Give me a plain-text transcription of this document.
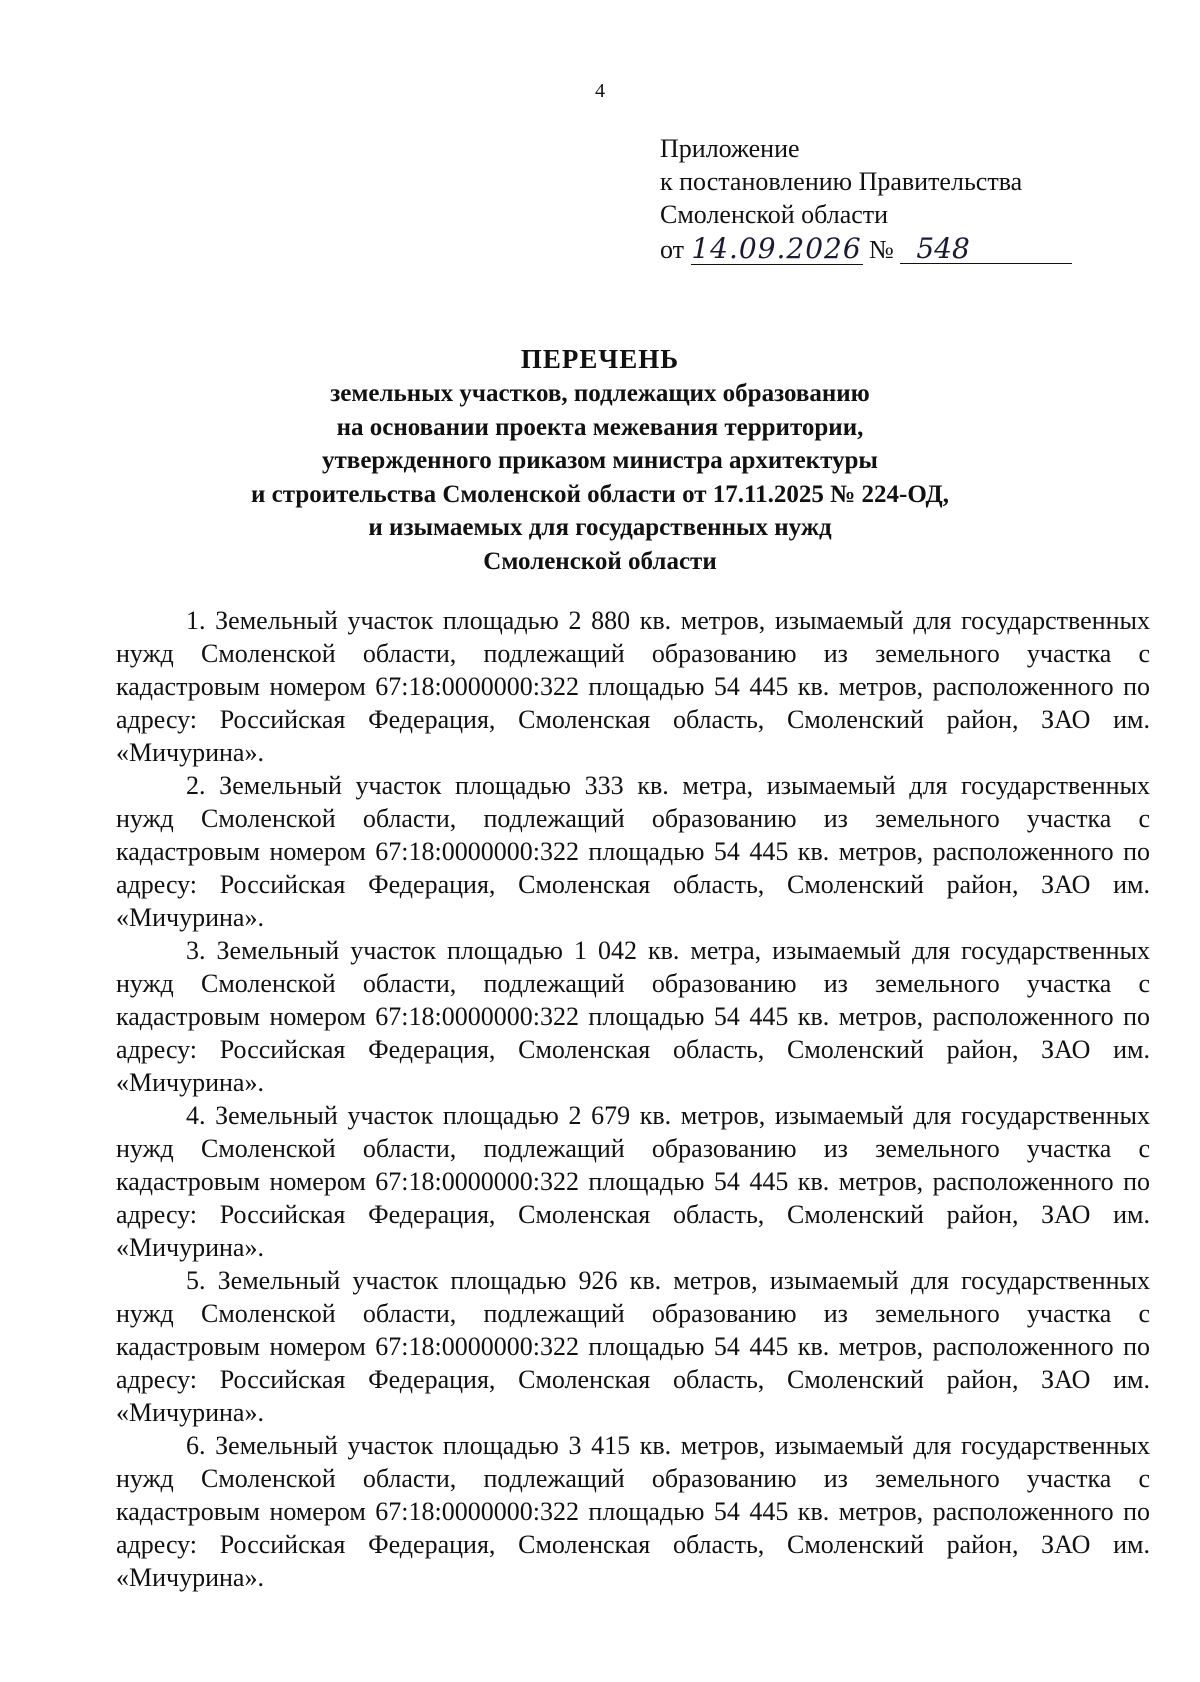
4
Приложение
к постановлению Правительства
Смоленской области
от 14.09.2026 № 548
ПЕРЕЧЕНЬ
земельных участков, подлежащих образованию
на основании проекта межевания территории,
утвержденного приказом министра архитектуры
и строительства Смоленской области от 17.11.2025 № 224-ОД,
и изымаемых для государственных нужд
Смоленской области

1. Земельный участок площадью 2 880 кв. метров, изымаемый для государственных нужд Смоленской области, подлежащий образованию из земельного участка с кадастровым номером 67:18:0000000:322 площадью 54 445 кв. метров, расположенного по адресу: Российская Федерация, Смоленская область, Смоленский район, ЗАО им. «Мичурина».

2. Земельный участок площадью 333 кв. метра, изымаемый для государственных нужд Смоленской области, подлежащий образованию из земельного участка с кадастровым номером 67:18:0000000:322 площадью 54 445 кв. метров, расположенного по адресу: Российская Федерация, Смоленская область, Смоленский район, ЗАО им. «Мичурина».

3. Земельный участок площадью 1 042 кв. метра, изымаемый для государственных нужд Смоленской области, подлежащий образованию из земельного участка с кадастровым номером 67:18:0000000:322 площадью 54 445 кв. метров, расположенного по адресу: Российская Федерация, Смоленская область, Смоленский район, ЗАО им. «Мичурина».

4. Земельный участок площадью 2 679 кв. метров, изымаемый для государственных нужд Смоленской области, подлежащий образованию из земельного участка с кадастровым номером 67:18:0000000:322 площадью 54 445 кв. метров, расположенного по адресу: Российская Федерация, Смоленская область, Смоленский район, ЗАО им. «Мичурина».

5. Земельный участок площадью 926 кв. метров, изымаемый для государственных нужд Смоленской области, подлежащий образованию из земельного участка с кадастровым номером 67:18:0000000:322 площадью 54 445 кв. метров, расположенного по адресу: Российская Федерация, Смоленская область, Смоленский район, ЗАО им. «Мичурина».

6. Земельный участок площадью 3 415 кв. метров, изымаемый для государственных нужд Смоленской области, подлежащий образованию из земельного участка с кадастровым номером 67:18:0000000:322 площадью 54 445 кв. метров, расположенного по адресу: Российская Федерация, Смоленская область, Смоленский район, ЗАО им. «Мичурина».
